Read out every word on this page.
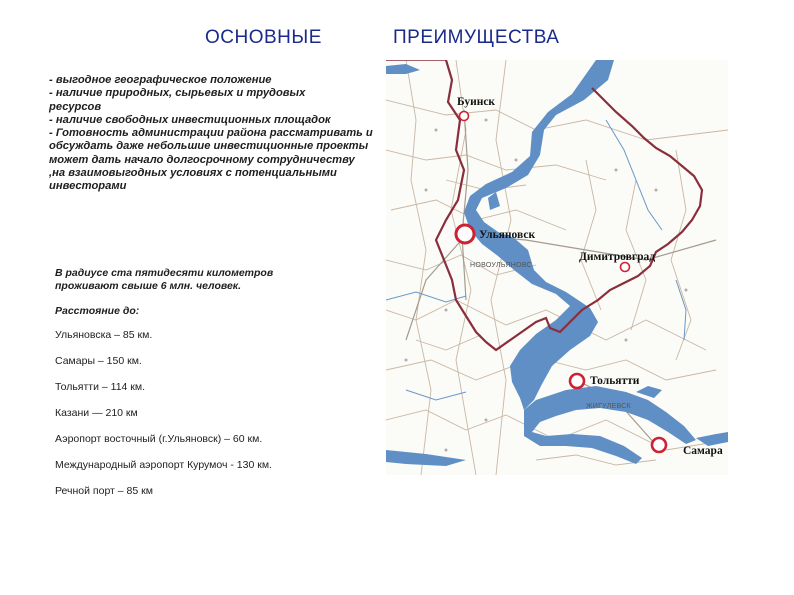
ОСНОВНЫЕ	ПРЕИМУЩЕСТВА
- выгодное географическое положение
- наличие природных, сырьевых и трудовых
ресурсов
- наличие свободных инвестиционных площадок
- Готовность администрации района рассматривать и
обсуждать даже небольшие инвестиционные проекты
может дать начало долгосрочному сотрудничеству
,на взаимовыгодных условиях с потенциальными
инвесторами
В радиусе ста пятидесяти километров
проживают свыше 6 млн. человек.
Расстояние до:
Ульяновска – 85 км.
Самары – 150 км.
Тольятти – 114 км.
Казани — 210 км
Аэропорт восточный (г.Ульяновск) – 60 км.
Международный аэропорт Курумоч - 130 км.
Речной порт – 85 км
Буинск
Ульяновск
Димитровград
Тольятти
Самара
НОВОУЛЬЯНОВС
ЖИГУЛЕВСК
